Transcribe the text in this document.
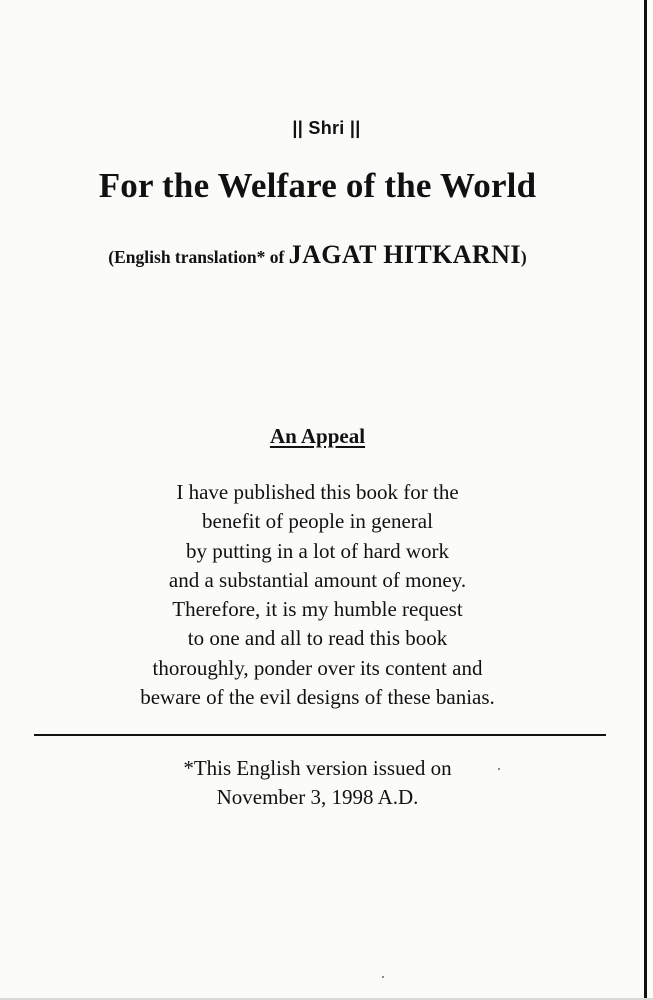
|| Shri ||
For the Welfare of the World
(English translation* of JAGAT HITKARNI)
An Appeal
I have published this book for the
benefit of people in general
by putting in a lot of hard work
and a substantial amount of money.
Therefore, it is my humble request
to one and all to read this book
thoroughly, ponder over its content and
beware of the evil designs of these banias.
*This English version issued on
November 3, 1998 A.D.
